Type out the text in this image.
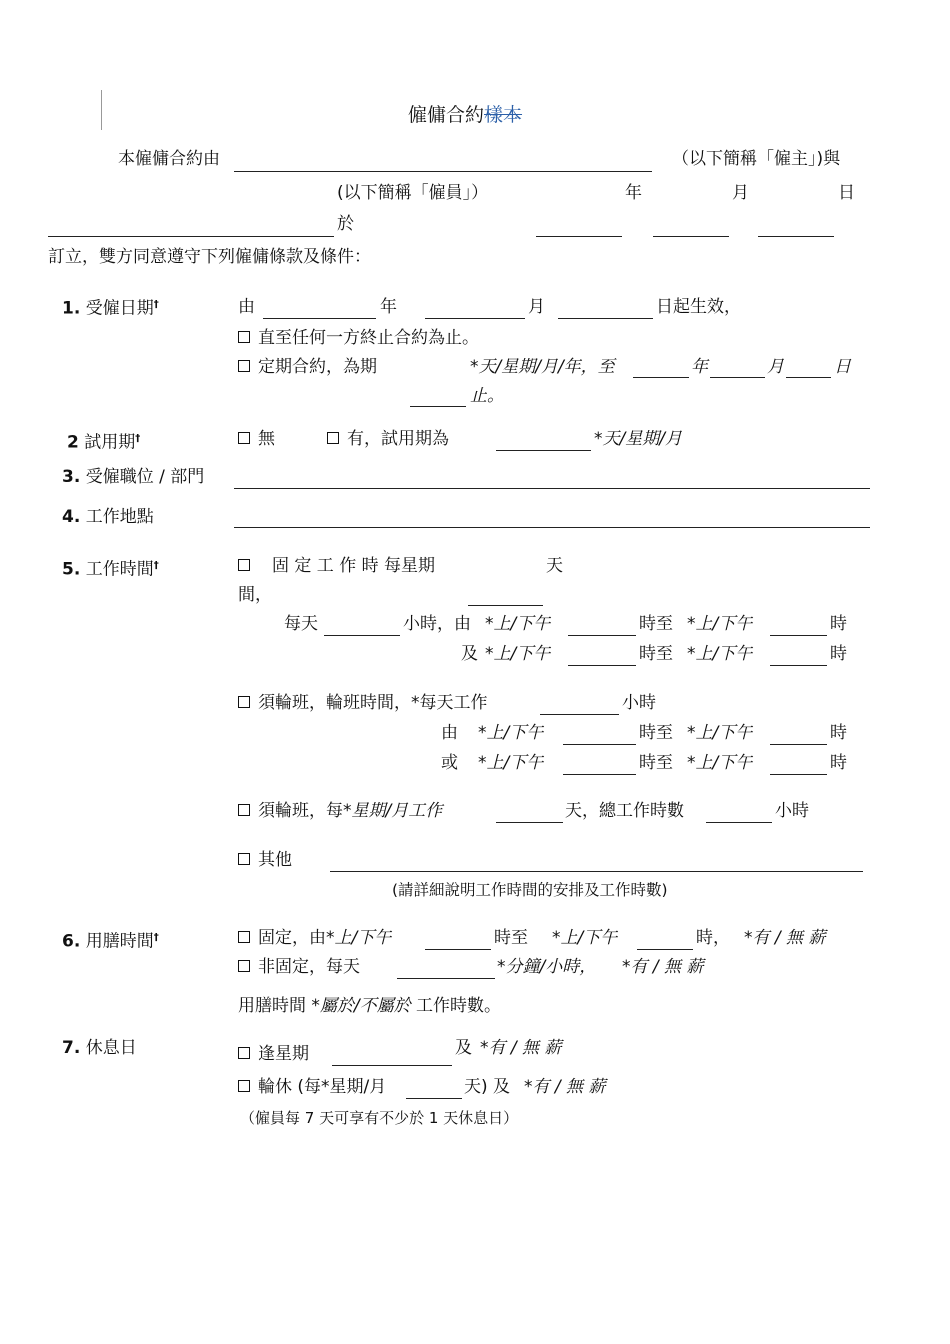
僱傭合約樣本
本僱傭合約由	（以下簡稱「僱主」)與
(以下簡稱「僱員」）	年	月	日
於
訂立，雙方同意遵守下列僱傭條款及條件：
1. 受僱日期†	由	年	月	日起生效，
直至任何一方終止合約為止。
定期合約，為期	*天/星期/月/年，至	年	月	日
止。
2 試用期†	無	有，試用期為	*天/星期/月
3. 受僱職位 / 部門
4. 工作地點
5. 工作時間†	固 定 工 作 時 每星期	天
間，
每天	小時，由 *上/下午	時至 *上/下午	時
及 *上/下午	時至 *上/下午	時
須輪班，輪班時間，*每天工作	小時
由 *上/下午	時至 *上/下午	時
或 *上/下午	時至 *上/下午	時
須輪班，每*星期/月工作	天，總工作時數	小時
其他
(請詳細說明工作時間的安排及工作時數)
6. 用膳時間†	固定，由*上/下午	時至 *上/下午	時， *有 / 無 薪
非固定，每天	*分鐘/小時， *有 / 無 薪
用膳時間 *屬於/不屬於 工作時數。
7. 休息日	逢星期	及 *有 / 無 薪
輪休 (每*星期/月	天) 及 *有 / 無 薪
（僱員每 7 天可享有不少於 1 天休息日）
